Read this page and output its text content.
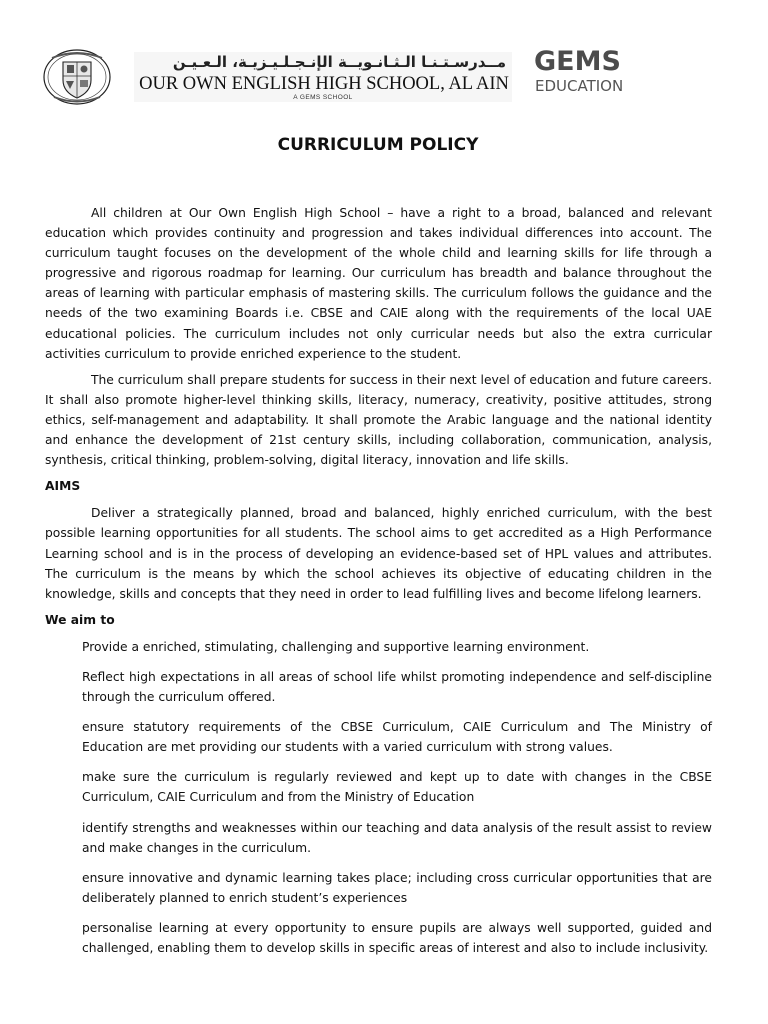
مــدرسـتـنـا الـثـانـويــة الإنـجـلـيـزيـة، الـعـيـن
OUR OWN ENGLISH HIGH SCHOOL, AL AIN
A GEMS SCHOOL
GEMS
EDUCATION
CURRICULUM POLICY

All children at Our Own English High School – have a right to a broad, balanced and relevant education which provides continuity and progression and takes individual differences into account. The curriculum taught focuses on the development of the whole child and learning skills for life through a progressive and rigorous roadmap for learning. Our curriculum has breadth and balance throughout the areas of learning with particular emphasis of mastering skills. The curriculum follows the guidance and the needs of the two examining Boards i.e. CBSE and CAIE along with the requirements of the local UAE educational policies. The curriculum includes not only curricular needs but also the extra curricular activities curriculum to provide enriched experience to the student.

The curriculum shall prepare students for success in their next level of education and future careers. It shall also promote higher-level thinking skills, literacy, numeracy, creativity, positive attitudes, strong ethics, self-management and adaptability. It shall promote the Arabic language and the national identity and enhance the development of 21st century skills, including collaboration, communication, analysis, synthesis, critical thinking, problem-solving, digital literacy, innovation and life skills.

AIMS

Deliver a strategically planned, broad and balanced, highly enriched curriculum, with the best possible learning opportunities for all students. The school aims to get accredited as a High Performance Learning school and is in the process of developing an evidence-based set of HPL values and attributes. The curriculum is the means by which the school achieves its objective of educating children in the knowledge, skills and concepts that they need in order to lead fulfilling lives and become lifelong learners.

We aim to

Provide a enriched, stimulating, challenging and supportive learning environment.
Reflect high expectations in all areas of school life whilst promoting independence and self-discipline through the curriculum offered.
ensure statutory requirements of the CBSE Curriculum, CAIE Curriculum and The Ministry of Education are met providing our students with a varied curriculum with strong values.
make sure the curriculum is regularly reviewed and kept up to date with changes in the CBSE Curriculum, CAIE Curriculum and from the Ministry of Education
identify strengths and weaknesses within our teaching and data analysis of the result assist to review and make changes in the curriculum.
ensure innovative and dynamic learning takes place; including cross curricular opportunities that are deliberately planned to enrich student’s experiences
personalise learning at every opportunity to ensure pupils are always well supported, guided and challenged, enabling them to develop skills in specific areas of interest and also to include inclusivity.
